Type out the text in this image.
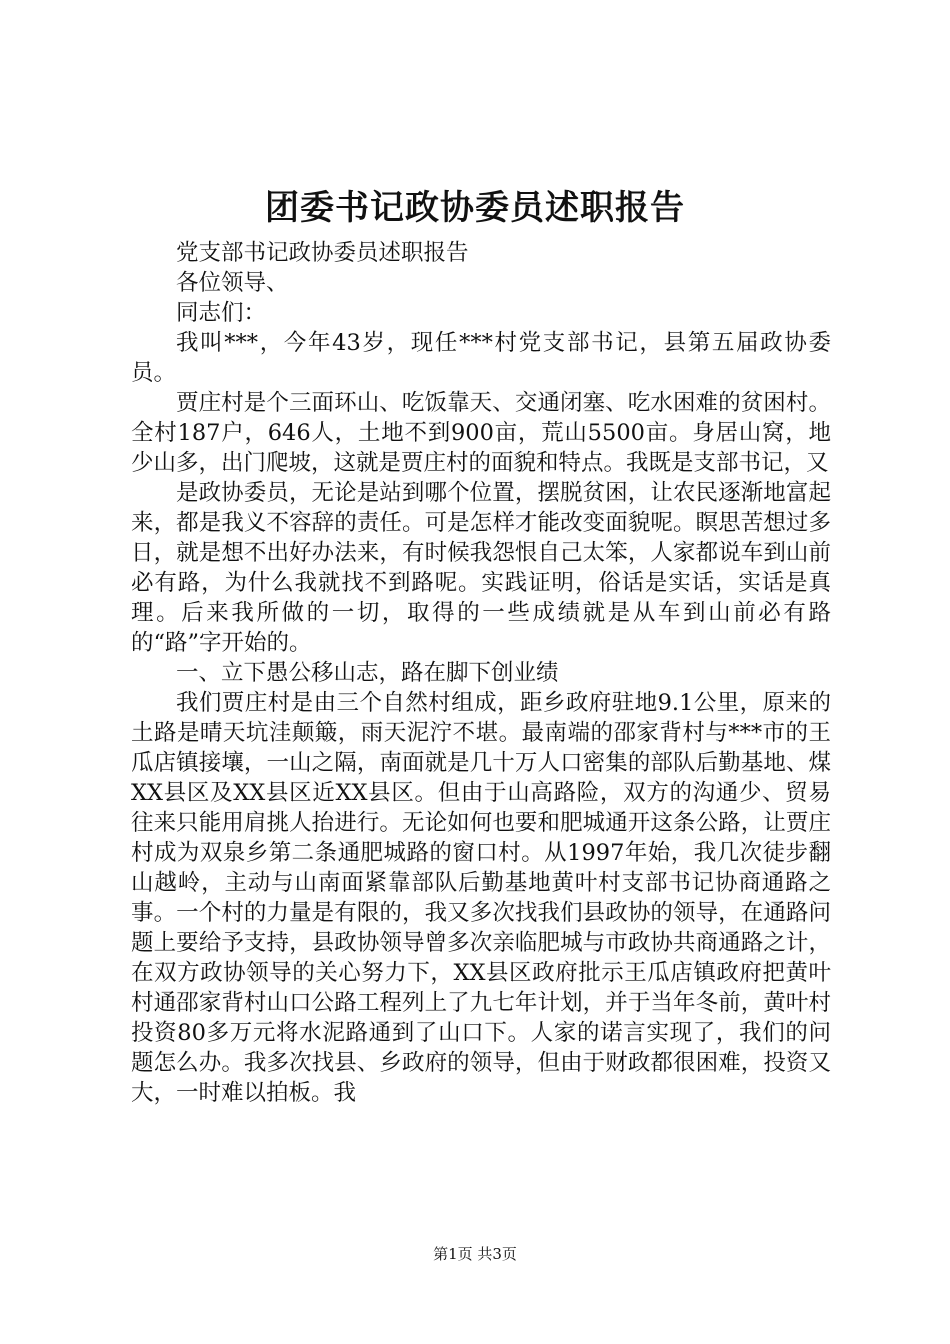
团委书记政协委员述职报告

党支部书记政协委员述职报告

各位领导、

同志们：

我叫***，今年43岁，现任***村党支部书记，县第五届政协委员。

贾庄村是个三面环山、吃饭靠天、交通闭塞、吃水困难的贫困村。全村187户，646人，土地不到900亩，荒山5500亩。身居山窝，地少山多，出门爬坡，这就是贾庄村的面貌和特点。我既是支部书记，又

是政协委员，无论是站到哪个位置，摆脱贫困，让农民逐渐地富起来，都是我义不容辞的责任。可是怎样才能改变面貌呢。瞑思苦想过多日，就是想不出好办法来，有时候我怨恨自己太笨，人家都说车到山前必有路，为什么我就找不到路呢。实践证明，俗话是实话，实话是真理。后来我所做的一切，取得的一些成绩就是从车到山前必有路的“路”字开始的。

一、立下愚公移山志，路在脚下创业绩

我们贾庄村是由三个自然村组成，距乡政府驻地9.1公里，原来的土路是晴天坑洼颠簸，雨天泥泞不堪。最南端的邵家背村与***市的王瓜店镇接壤，一山之隔，南面就是几十万人口密集的部队后勤基地、煤XX县区及XX县区近XX县区。但由于山高路险，双方的沟通少、贸易往来只能用肩挑人抬进行。无论如何也要和肥城通开这条公路，让贾庄村成为双泉乡第二条通肥城路的窗口村。从1997年始，我几次徒步翻山越岭，主动与山南面紧靠部队后勤基地黄叶村支部书记协商通路之事。一个村的力量是有限的，我又多次找我们县政协的领导，在通路问题上要给予支持，县政协领导曾多次亲临肥城与市政协共商通路之计，在双方政协领导的关心努力下，XX县区政府批示王瓜店镇政府把黄叶村通邵家背村山口公路工程列上了九七年计划，并于当年冬前，黄叶村投资80多万元将水泥路通到了山口下。人家的诺言实现了，我们的问题怎么办。我多次找县、乡政府的领导，但由于财政都很困难，投资又大，一时难以拍板。我

第1页 共3页
